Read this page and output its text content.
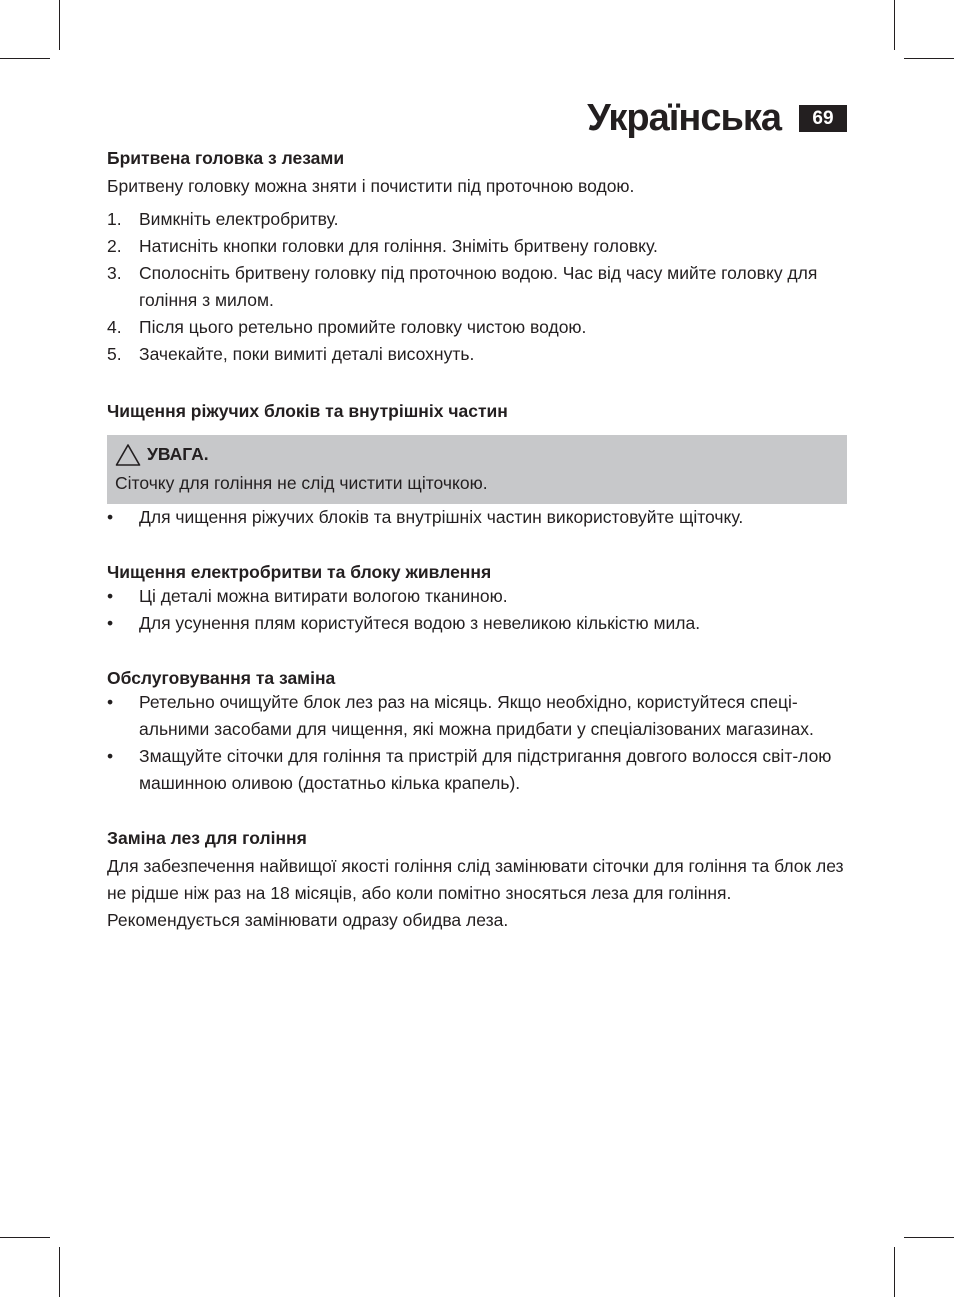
Українська	69
Бритвена головка з лезами

Бритвену головку можна зняти і почистити під проточною водою.

1. Вимкніть електробритву.
2. Натисніть кнопки головки для гоління. Зніміть бритвену головку.
3. Сполосніть бритвену головку під проточною водою. Час від часу мийте головку для гоління з милом.
4. Після цього ретельно промийте головку чистою водою.
5. Зачекайте, поки вимиті деталі висохнуть.
Чищення ріжучих блоків та внутрішніх частин
УВАГА.
Сіточку для гоління не слід чистити щіточкою.
•	Для чищення ріжучих блоків та внутрішніх частин використовуйте щіточку.
Чищення електробритви та блоку живлення
•	Ці деталі можна витирати вологою тканиною.
•	Для усунення плям користуйтеся водою з невеликою кількістю мила.
Обслуговування та заміна
•	Ретельно очищуйте блок лез раз на місяць. Якщо необхідно, користуйтеся спеці-альними засобами для чищення, які можна придбати у спеціалізованих магазинах.
•	Змащуйте сіточки для гоління та пристрій для підстригання довгого волосся світ-лою машинною оливою (достатньо кілька крапель).
Заміна лез для гоління

Для забезпечення найвищої якості гоління слід замінювати сіточки для гоління та блок лез не рідше ніж раз на 18 місяців, або коли помітно зносяться леза для гоління. Рекомендується замінювати одразу обидва леза.
